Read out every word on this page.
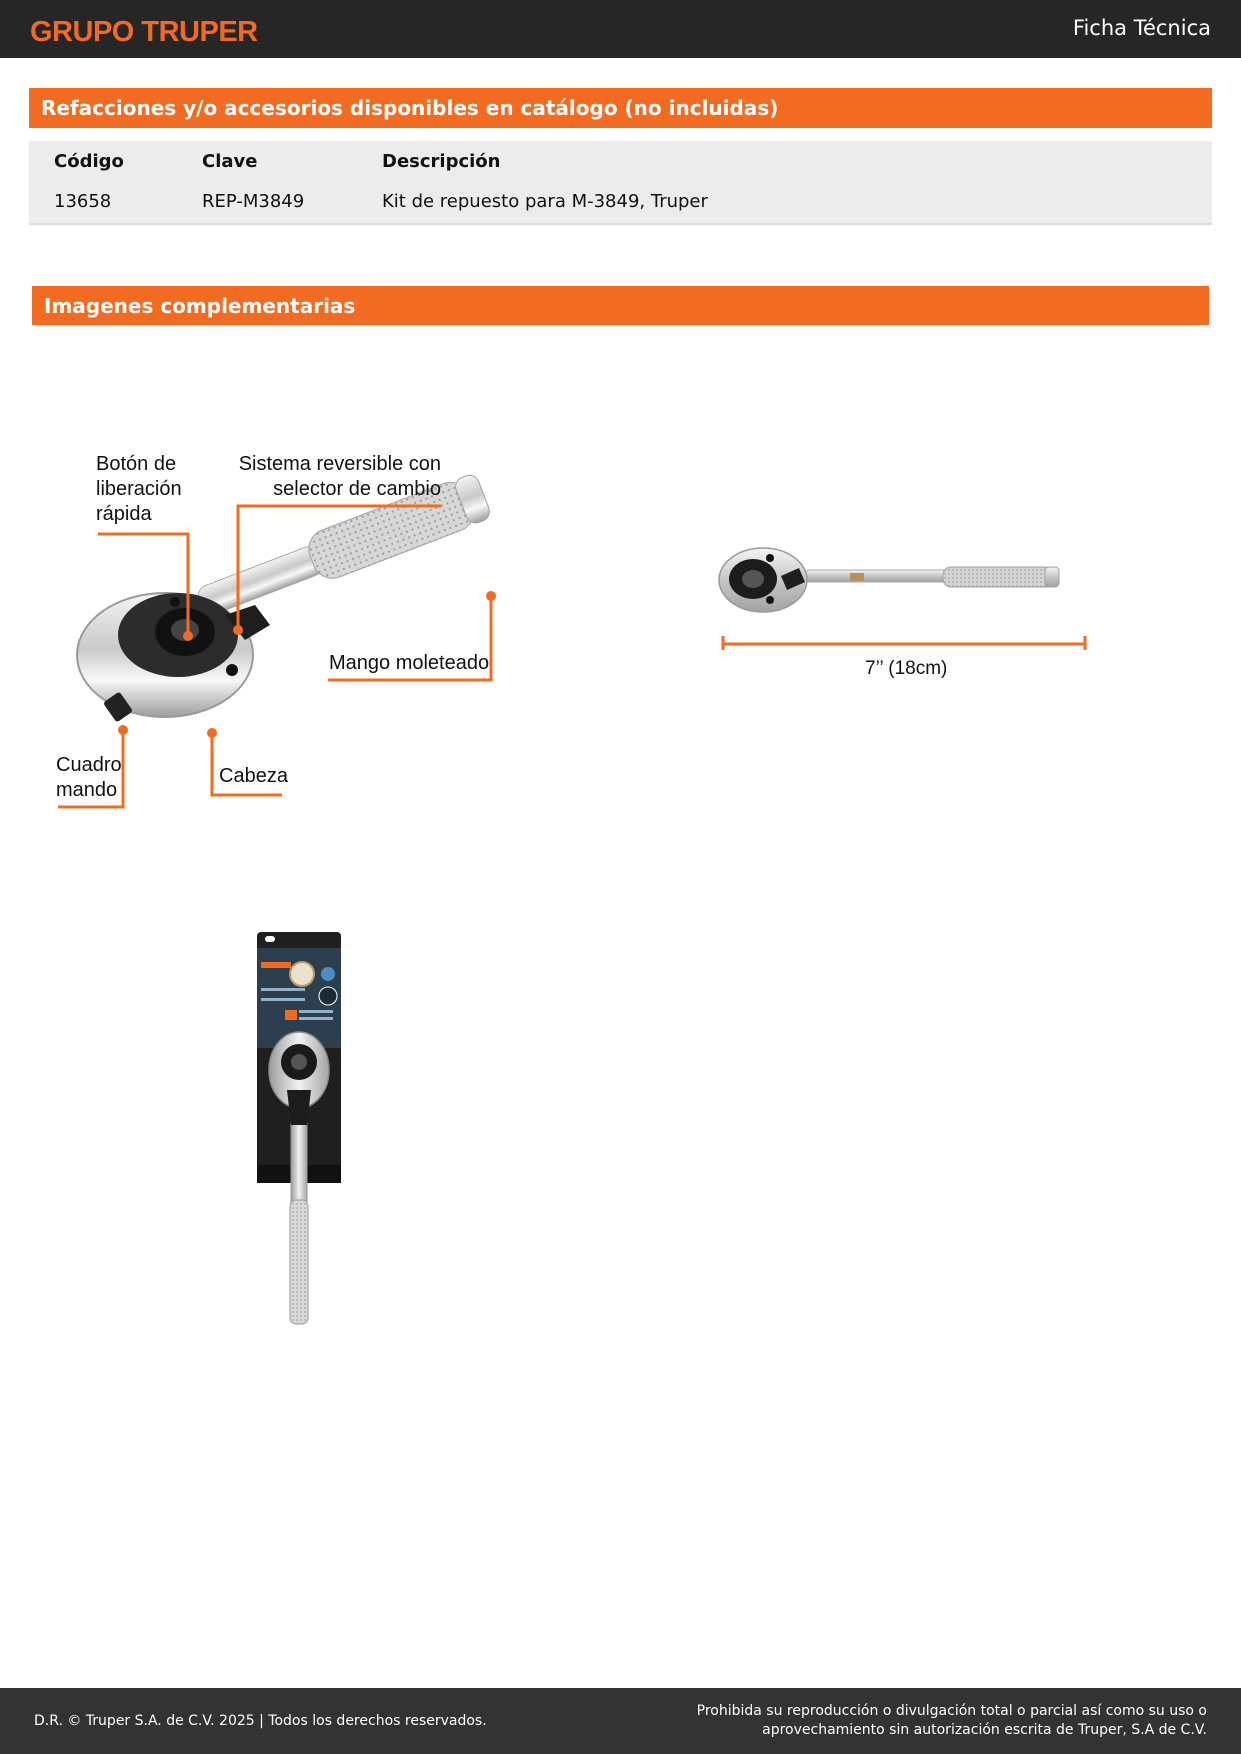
GRUPO TRUPER	Ficha Técnica
Refacciones y/o accesorios disponibles en catálogo (no incluidas)
Código	Clave	Descripción
13658	REP-M3849	Kit de repuesto para M-3849, Truper
Imagenes complementarias
Botón de
liberación
rápida
Sistema reversible con
selector de cambio
Mango moleteado
Cuadro
mando
Cabeza
7’’ (18cm)
D.R. © Truper S.A. de C.V. 2025 | Todos los derechos reservados.
Prohibida su reproducción o divulgación total o parcial así como su uso o aprovechamiento sin autorización escrita de Truper, S.A de C.V.
